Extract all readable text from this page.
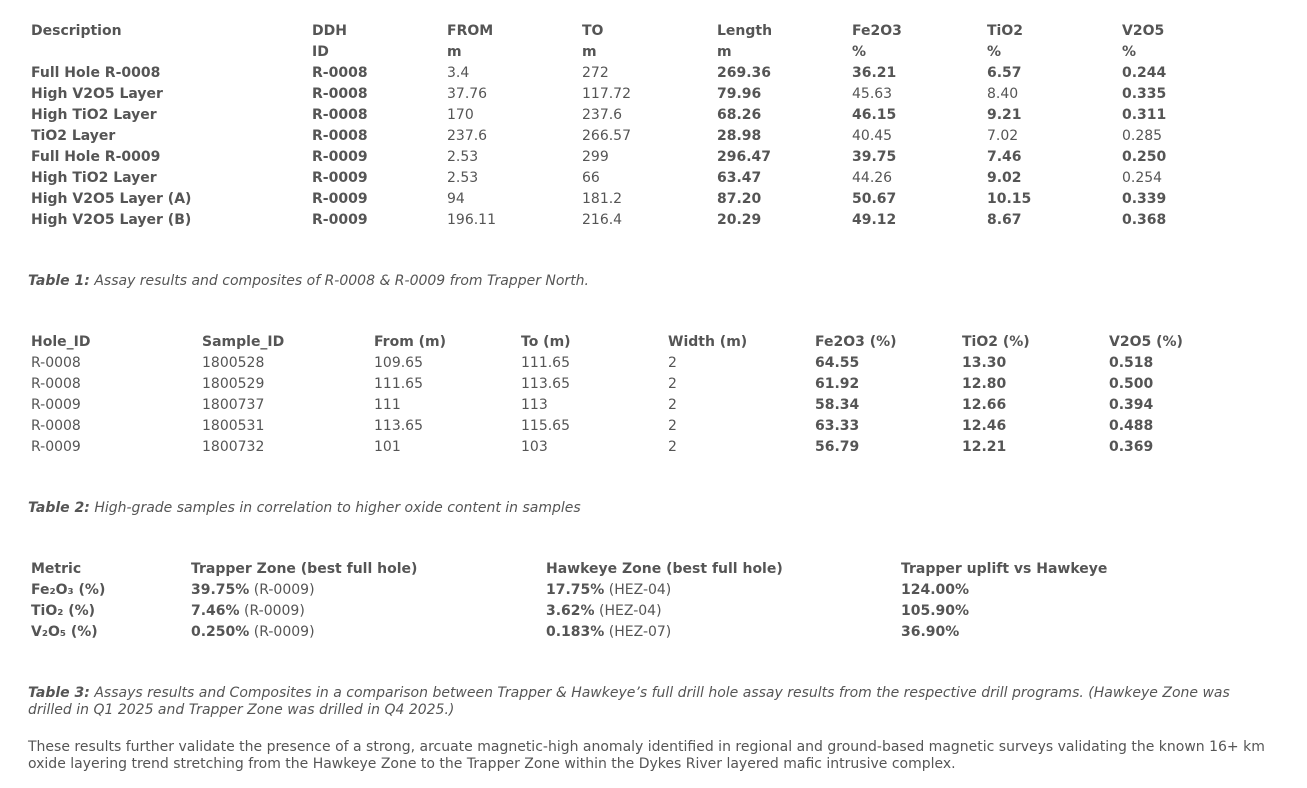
Description	DDH	FROM	TO	Length	Fe2O3	TiO2	V2O5
	ID	m	m	m	%	%	%
Full Hole R-0008	R-0008	3.4	272	269.36	36.21	6.57	0.244
High V2O5 Layer	R-0008	37.76	117.72	79.96	45.63	8.40	0.335
High TiO2 Layer	R-0008	170	237.6	68.26	46.15	9.21	0.311
TiO2 Layer	R-0008	237.6	266.57	28.98	40.45	7.02	0.285
Full Hole R-0009	R-0009	2.53	299	296.47	39.75	7.46	0.250
High TiO2 Layer	R-0009	2.53	66	63.47	44.26	9.02	0.254
High V2O5 Layer (A)	R-0009	94	181.2	87.20	50.67	10.15	0.339
High V2O5 Layer (B)	R-0009	196.11	216.4	20.29	49.12	8.67	0.368
Table 1: Assay results and composites of R-0008 & R-0009 from Trapper North.
Hole_ID	Sample_ID	From (m)	To (m)	Width (m)	Fe2O3 (%)	TiO2 (%)	V2O5 (%)
R-0008	1800528	109.65	111.65	2	64.55	13.30	0.518
R-0008	1800529	111.65	113.65	2	61.92	12.80	0.500
R-0009	1800737	111	113	2	58.34	12.66	0.394
R-0008	1800531	113.65	115.65	2	63.33	12.46	0.488
R-0009	1800732	101	103	2	56.79	12.21	0.369
Table 2: High-grade samples in correlation to higher oxide content in samples
Metric	Trapper Zone (best full hole)	Hawkeye Zone (best full hole)	Trapper uplift vs Hawkeye
Fe₂O₃ (%)	39.75% (R-0009)	17.75% (HEZ-04)	124.00%
TiO₂ (%)	7.46% (R-0009)	3.62% (HEZ-04)	105.90%
V₂O₅ (%)	0.250% (R-0009)	0.183% (HEZ-07)	36.90%
Table 3: Assays results and Composites in a comparison between Trapper & Hawkeye’s full drill hole assay results from the respective drill programs. (Hawkeye Zone was drilled in Q1 2025 and Trapper Zone was drilled in Q4 2025.)
These results further validate the presence of a strong, arcuate magnetic-high anomaly identified in regional and ground-based magnetic surveys validating the known 16+ km oxide layering trend stretching from the Hawkeye Zone to the Trapper Zone within the Dykes River layered mafic intrusive complex.
